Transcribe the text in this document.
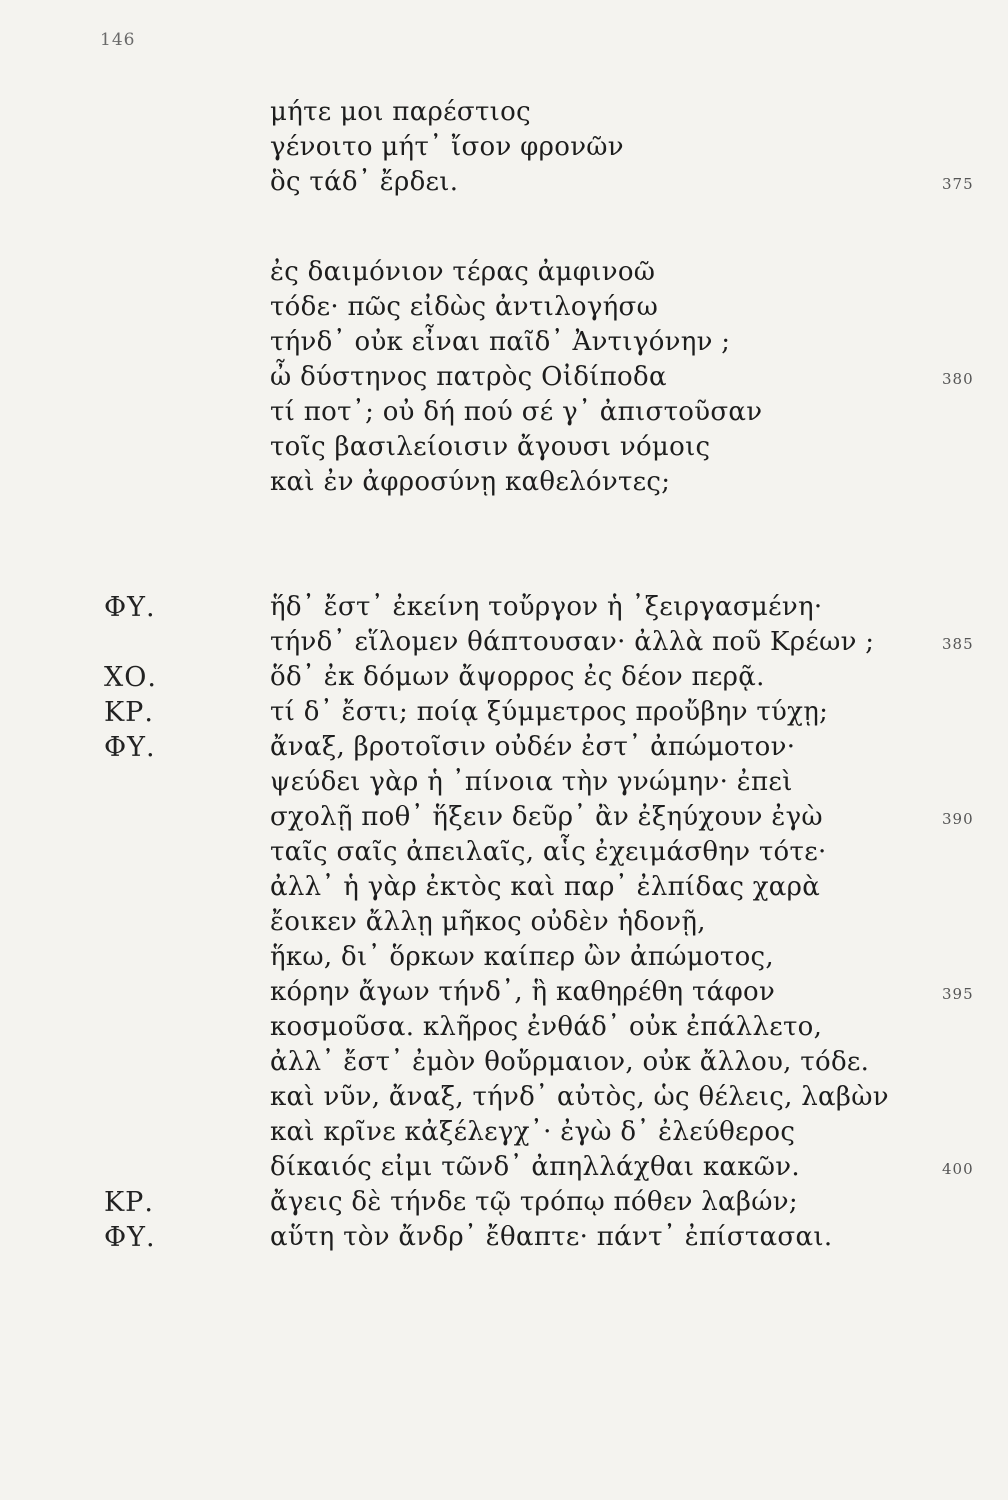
146
μήτε μοι παρέστιος
γένοιτο μήτ᾽ ἴσον φρονῶν
ὃς τάδ᾽ ἔρδει.	375
ἐς δαιμόνιον τέρας ἀμφινοῶ
τόδε· πῶς εἰδὼς ἀντιλογήσω
τήνδ᾽ οὐκ εἶναι παῖδ᾽ Ἀντιγόνην ;
ὦ δύστηνος πατρὸς Οἰδίποδα	380
τί ποτ᾽; οὐ δή πού σέ γ᾽ ἀπιστοῦσαν
τοῖς βασιλείοισιν ἄγουσι νόμοις
καὶ ἐν ἀφροσύνῃ καθελόντες;
ΦΥ.	ἥδ᾽ ἔστ᾽ ἐκείνη τοὔργον ἡ ᾽ξειργασμένη·
τήνδ᾽ εἵλομεν θάπτουσαν· ἀλλὰ ποῦ Κρέων ;	385
ΧΟ.	ὅδ᾽ ἐκ δόμων ἄψορρος ἐς δέον περᾷ.
ΚΡ.	τί δ᾽ ἔστι; ποίᾳ ξύμμετρος προὔβην τύχῃ;
ΦΥ.	ἄναξ, βροτοῖσιν οὐδέν ἐστ᾽ ἀπώμοτον·
ψεύδει γὰρ ἡ ᾽πίνοια τὴν γνώμην· ἐπεὶ
σχολῇ ποθ᾽ ἥξειν δεῦρ᾽ ἂν ἐξηύχουν ἐγὼ	390
ταῖς σαῖς ἀπειλαῖς, αἷς ἐχειμάσθην τότε·
ἀλλ᾽ ἡ γὰρ ἐκτὸς καὶ παρ᾽ ἐλπίδας χαρὰ
ἔοικεν ἄλλῃ μῆκος οὐδὲν ἡδονῇ,
ἥκω, δι᾽ ὅρκων καίπερ ὢν ἀπώμοτος,
κόρην ἄγων τήνδ᾽, ἣ καθηρέθη τάφον	395
κοσμοῦσα. κλῆρος ἐνθάδ᾽ οὐκ ἐπάλλετο,
ἀλλ᾽ ἔστ᾽ ἐμὸν θοὔρμαιον, οὐκ ἄλλου, τόδε.
καὶ νῦν, ἄναξ, τήνδ᾽ αὐτὸς, ὡς θέλεις, λαβὼν
καὶ κρῖνε κἀξέλεγχ᾽· ἐγὼ δ᾽ ἐλεύθερος
δίκαιός εἰμι τῶνδ᾽ ἀπηλλάχθαι κακῶν.	400
ΚΡ.	ἄγεις δὲ τήνδε τῷ τρόπῳ πόθεν λαβών;
ΦΥ.	αὕτη τὸν ἄνδρ᾽ ἔθαπτε· πάντ᾽ ἐπίστασαι.
